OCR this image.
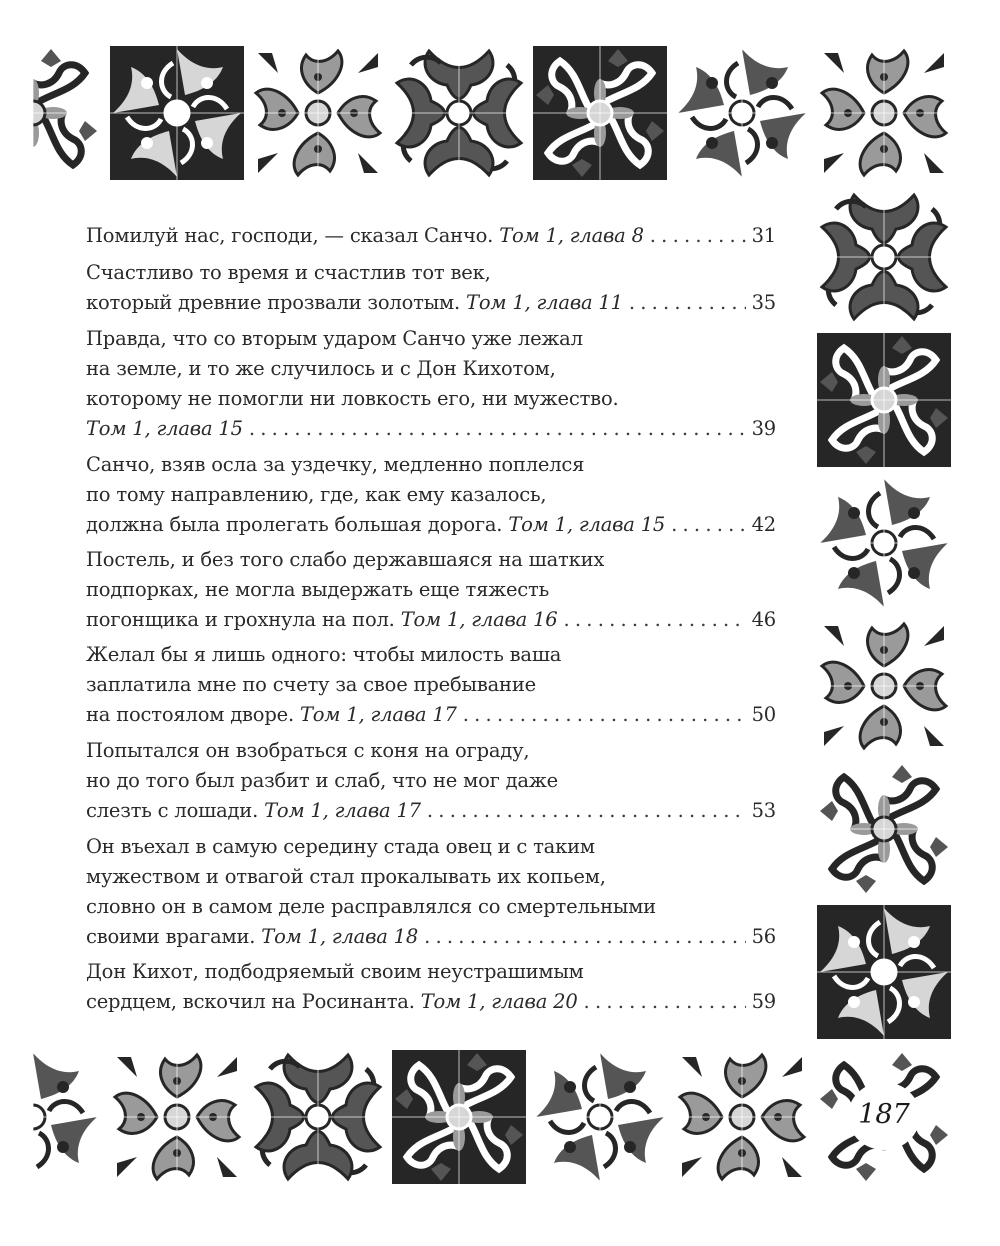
Помилуй нас, господи, — сказал Санчо.
Том 1, глава 8 . . .	31
Счастливо то время и счастлив тот век,
который древние прозвали золотым.
Том 1, глава 11 . . .	35
Правда, что со вторым ударом Санчо уже лежал
на земле, и то же случилось и с Дон Кихотом,
которому не помогли ни ловкость его, ни мужество.
Том 1, глава 15 . . .	39
Санчо, взяв осла за уздечку, медленно поплелся
по тому направлению, где, как ему казалось,
должна была пролегать большая дорога.
Том 1, глава 15 . . .	42
Постель, и без того слабо державшаяся на шатких
подпорках, не могла выдержать еще тяжесть
погонщика и грохнула на пол.
Том 1, глава 16 . . .	46
Желал бы я лишь одного: чтобы милость ваша
заплатила мне по счету за свое пребывание
на постоялом дворе.
Том 1, глава 17 . . .	50
Попытался он взобраться с коня на ограду,
но до того был разбит и слаб, что не мог даже
слезть с лошади.
Том 1, глава 17 . . .	53
Он въехал в самую середину стада овец и с таким
мужеством и отвагой стал прокалывать их копьем,
словно он в самом деле расправлялся со смертельными
своими врагами.
Том 1, глава 18 . . .	56
Дон Кихот, подбодряемый своим неустрашимым
сердцем, вскочил на Росинанта.
Том 1, глава 20 . . .	59
187
